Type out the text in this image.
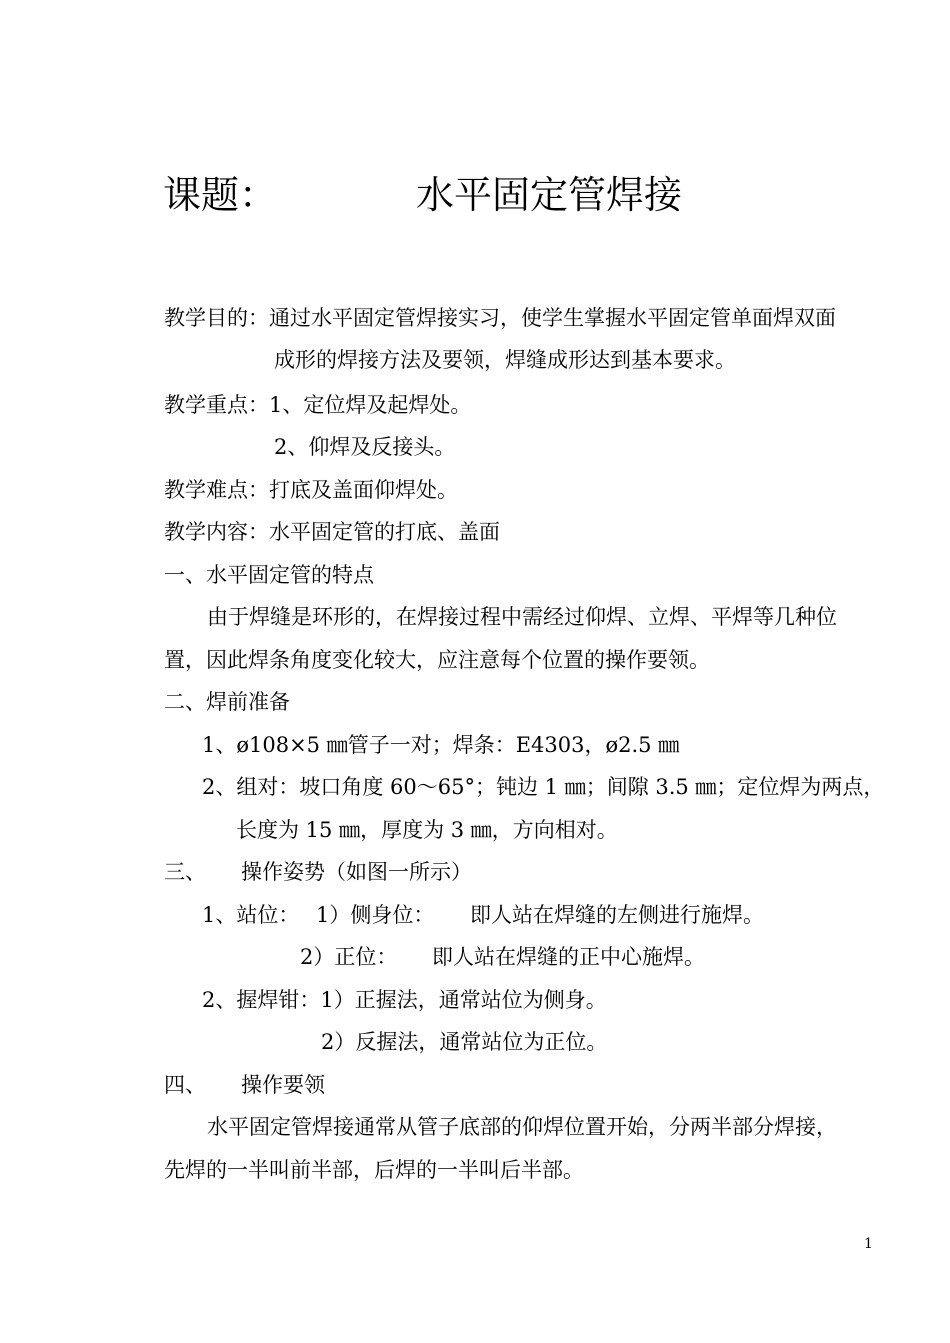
课题：	水平固定管焊接
教学目的：通过水平固定管焊接实习，使学生掌握水平固定管单面焊双面
成形的焊接方法及要领，焊缝成形达到基本要求。
教学重点：1、定位焊及起焊处。
2、仰焊及反接头。
教学难点：打底及盖面仰焊处。
教学内容：水平固定管的打底、盖面
一、水平固定管的特点
由于焊缝是环形的，在焊接过程中需经过仰焊、立焊、平焊等几种位
置，因此焊条角度变化较大，应注意每个位置的操作要领。
二、焊前准备
1、ø108×5 ㎜管子一对；焊条：E4303，ø2.5 ㎜
2、组对：坡口角度 60～65°；钝边 1 ㎜；间隙 3.5 ㎜；定位焊为两点，
长度为 15 ㎜，厚度为 3 ㎜，方向相对。
三、 操作姿势（如图一所示）
1、站位： 1）侧身位： 即人站在焊缝的左侧进行施焊。
2）正位： 即人站在焊缝的正中心施焊。
2、握焊钳：1）正握法，通常站位为侧身。
2）反握法，通常站位为正位。
四、 操作要领
水平固定管焊接通常从管子底部的仰焊位置开始，分两半部分焊接，
先焊的一半叫前半部，后焊的一半叫后半部。
1
